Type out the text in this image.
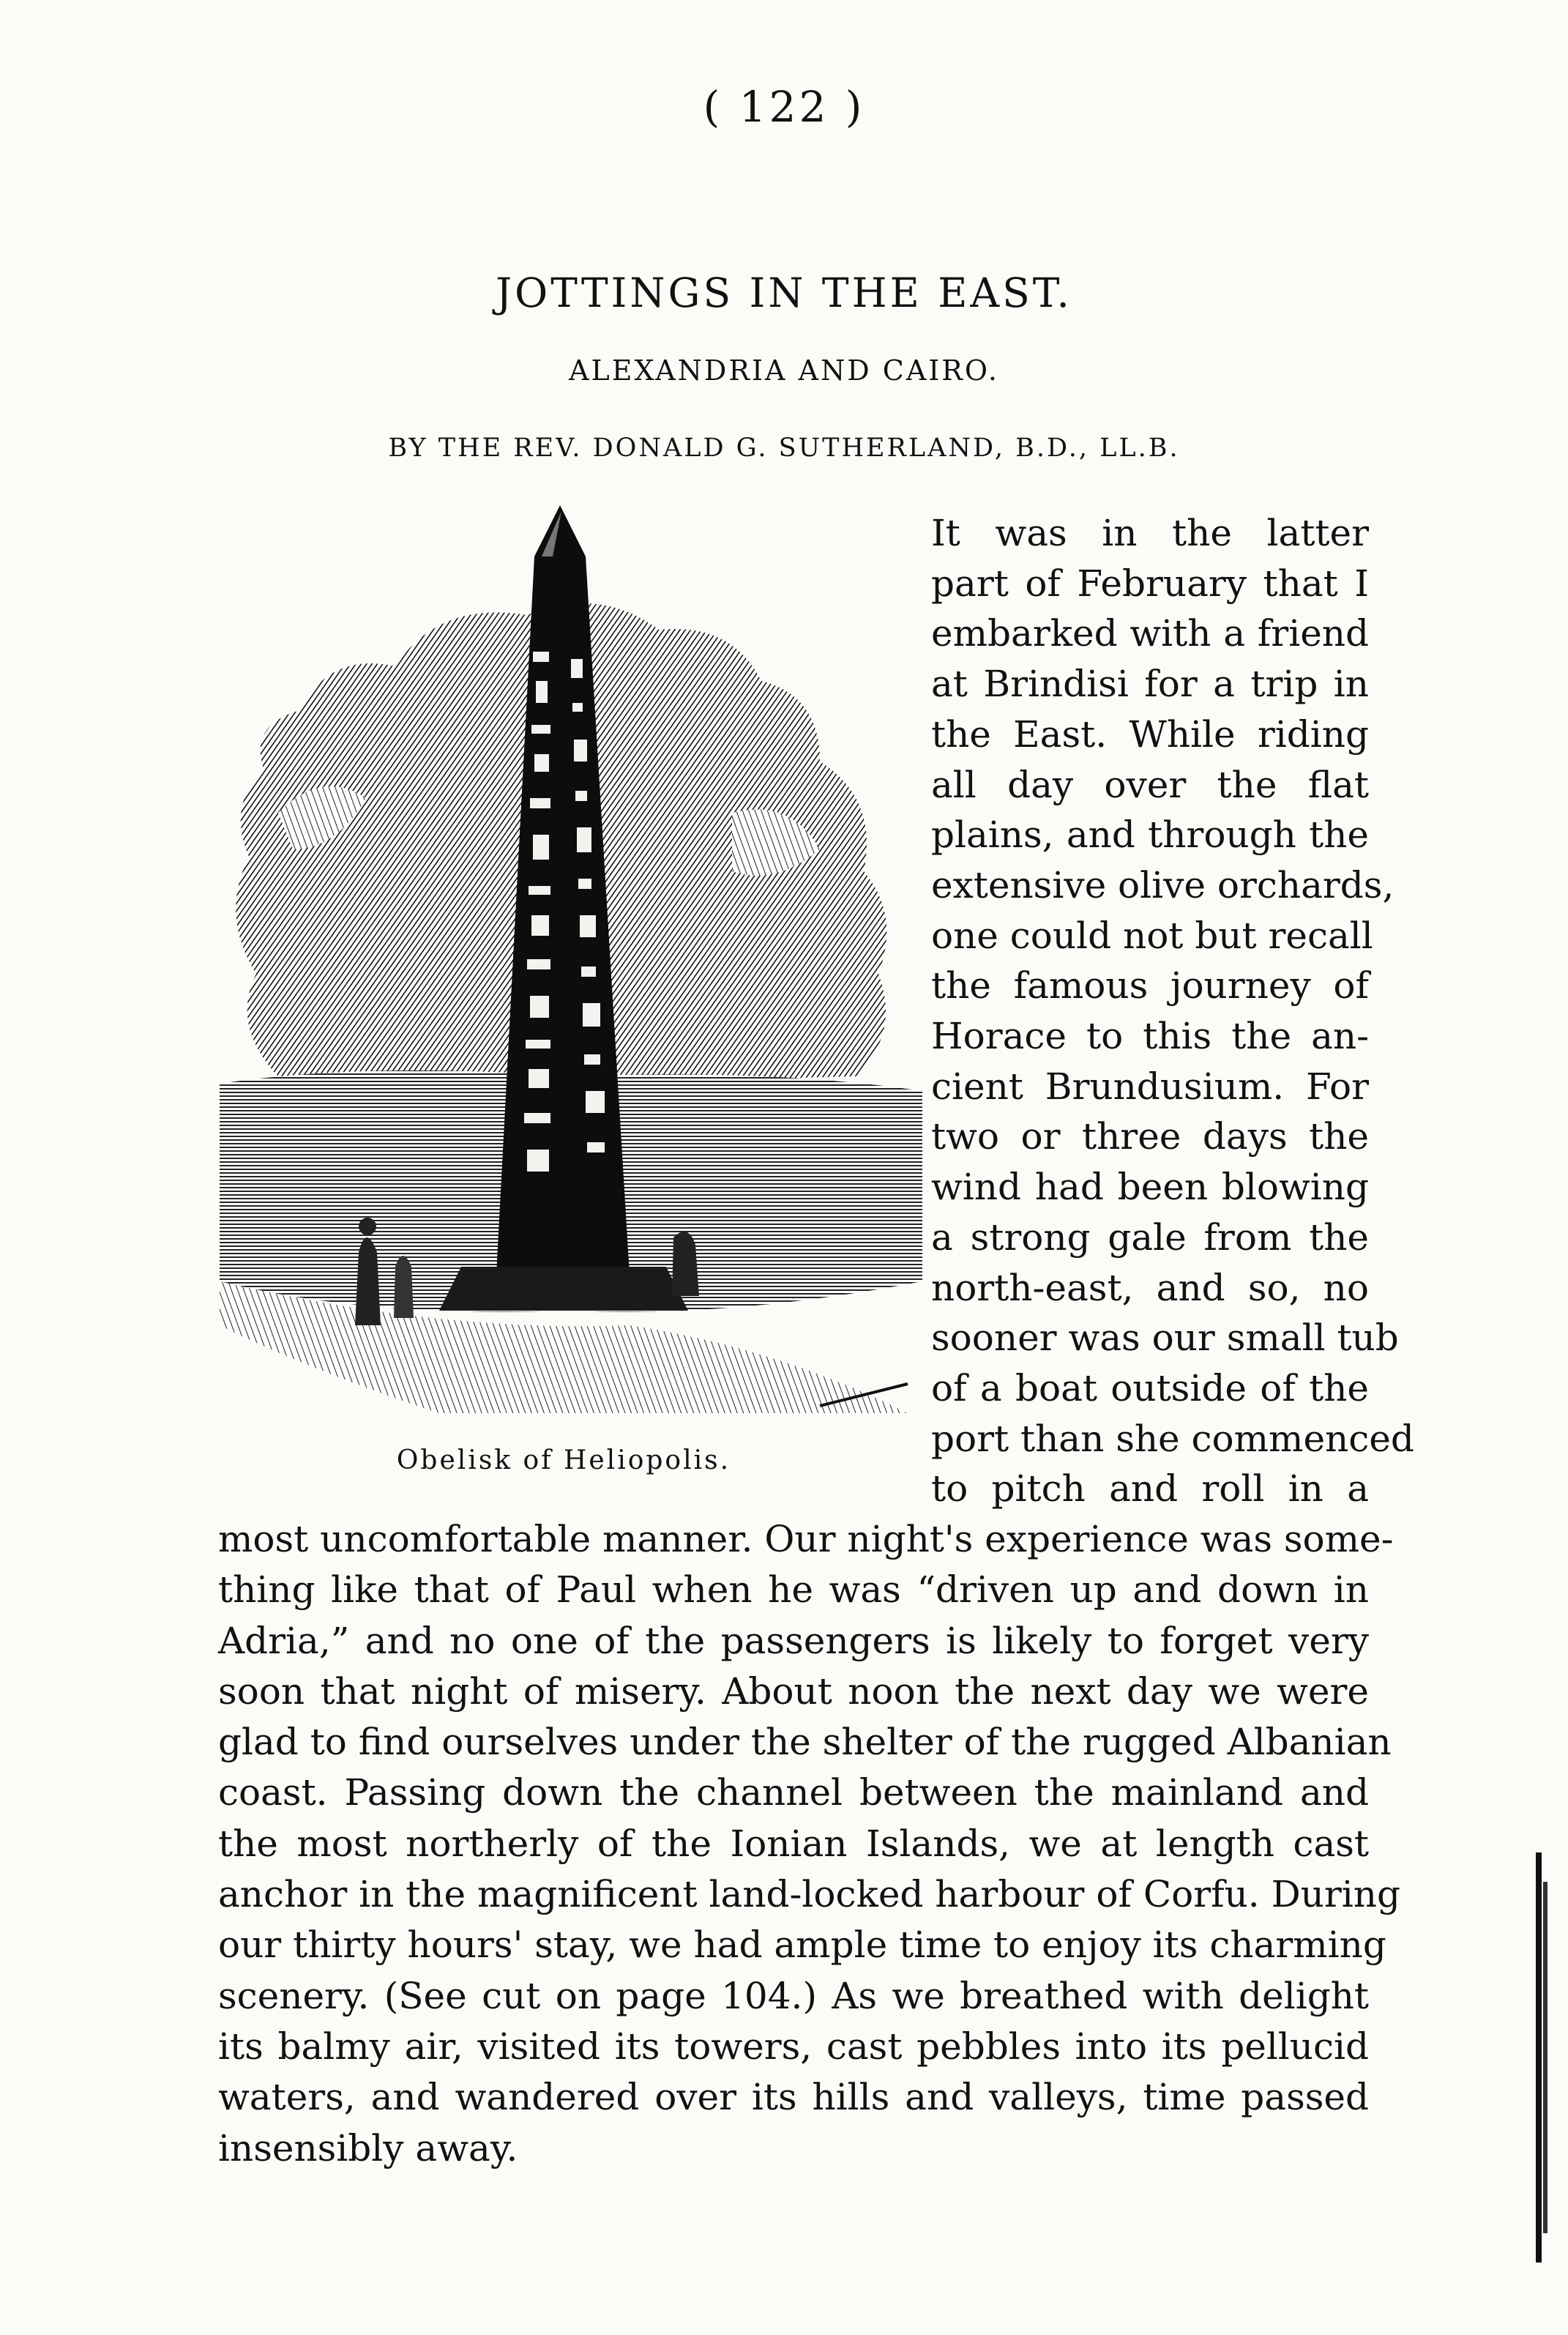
( 122 )
JOTTINGS IN THE EAST.
ALEXANDRIA AND CAIRO.
BY THE REV. DONALD G. SUTHERLAND, B.D., LL.B.
Obelisk of Heliopolis.
It was in the latter
part of February that I
embarked with a friend
at Brindisi for a trip in
the East. While riding
all day over the flat
plains, and through the
extensive olive orchards,
one could not but recall
the famous journey of
Horace to this the an-
cient Brundusium. For
two or three days the
wind had been blowing
a strong gale from the
north-east, and so, no
sooner was our small tub
of a boat outside of the
port than she commenced
to pitch and roll in a
most uncomfortable manner. Our night's experience was some-
thing like that of Paul when he was “driven up and down in
Adria,” and no one of the passengers is likely to forget very
soon that night of misery. About noon the next day we were
glad to find ourselves under the shelter of the rugged Albanian
coast. Passing down the channel between the mainland and
the most northerly of the Ionian Islands, we at length cast
anchor in the magnificent land-locked harbour of Corfu. During
our thirty hours' stay, we had ample time to enjoy its charming
scenery. (See cut on page 104.) As we breathed with delight
its balmy air, visited its towers, cast pebbles into its pellucid
waters, and wandered over its hills and valleys, time passed
insensibly away.
